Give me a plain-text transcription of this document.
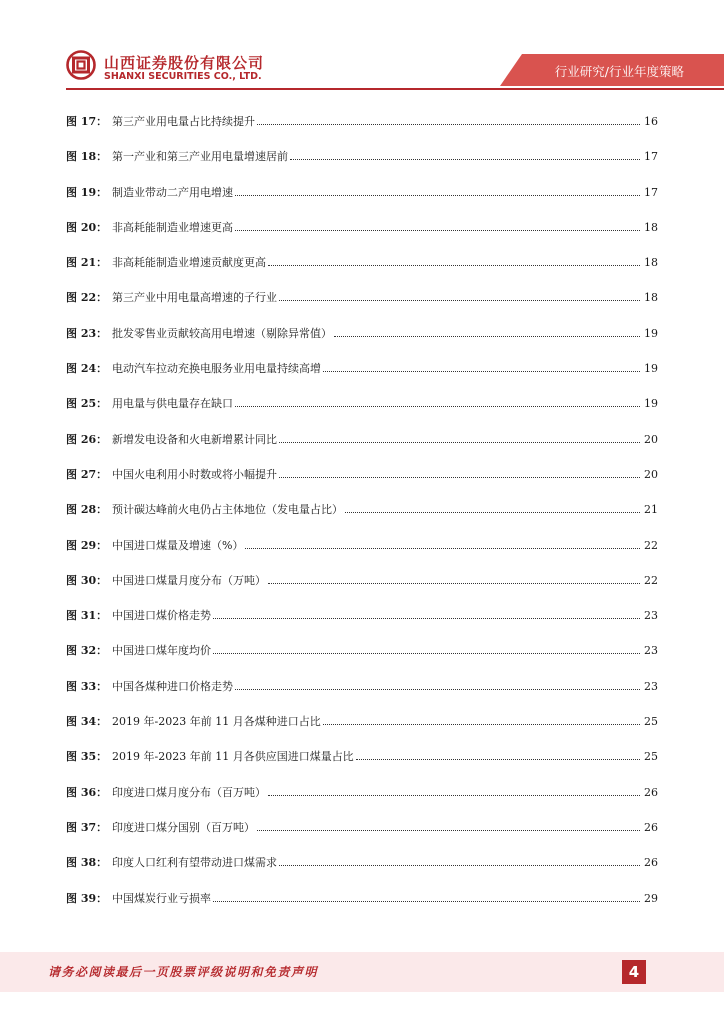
山西证券股份有限公司
SHANXI SECURITIES CO., LTD.	行业研究/行业年度策略
图 17： 第三产业用电量占比持续提升	16
图 18： 第一产业和第三产业用电量增速居前	17
图 19： 制造业带动二产用电增速	17
图 20： 非高耗能制造业增速更高	18
图 21： 非高耗能制造业增速贡献度更高	18
图 22： 第三产业中用电量高增速的子行业	18
图 23： 批发零售业贡献较高用电增速（剔除异常值）	19
图 24： 电动汽车拉动充换电服务业用电量持续高增	19
图 25： 用电量与供电量存在缺口	19
图 26： 新增发电设备和火电新增累计同比	20
图 27： 中国火电利用小时数或将小幅提升	20
图 28： 预计碳达峰前火电仍占主体地位（发电量占比）	21
图 29： 中国进口煤量及增速（%）	22
图 30： 中国进口煤量月度分布（万吨）	22
图 31： 中国进口煤价格走势	23
图 32： 中国进口煤年度均价	23
图 33： 中国各煤种进口价格走势	23
图 34： 2019 年-2023 年前 11 月各煤种进口占比	25
图 35： 2019 年-2023 年前 11 月各供应国进口煤量占比	25
图 36： 印度进口煤月度分布（百万吨）	26
图 37： 印度进口煤分国别（百万吨）	26
图 38： 印度人口红利有望带动进口煤需求	26
图 39： 中国煤炭行业亏损率	29
请务必阅读最后一页股票评级说明和免责声明	4
